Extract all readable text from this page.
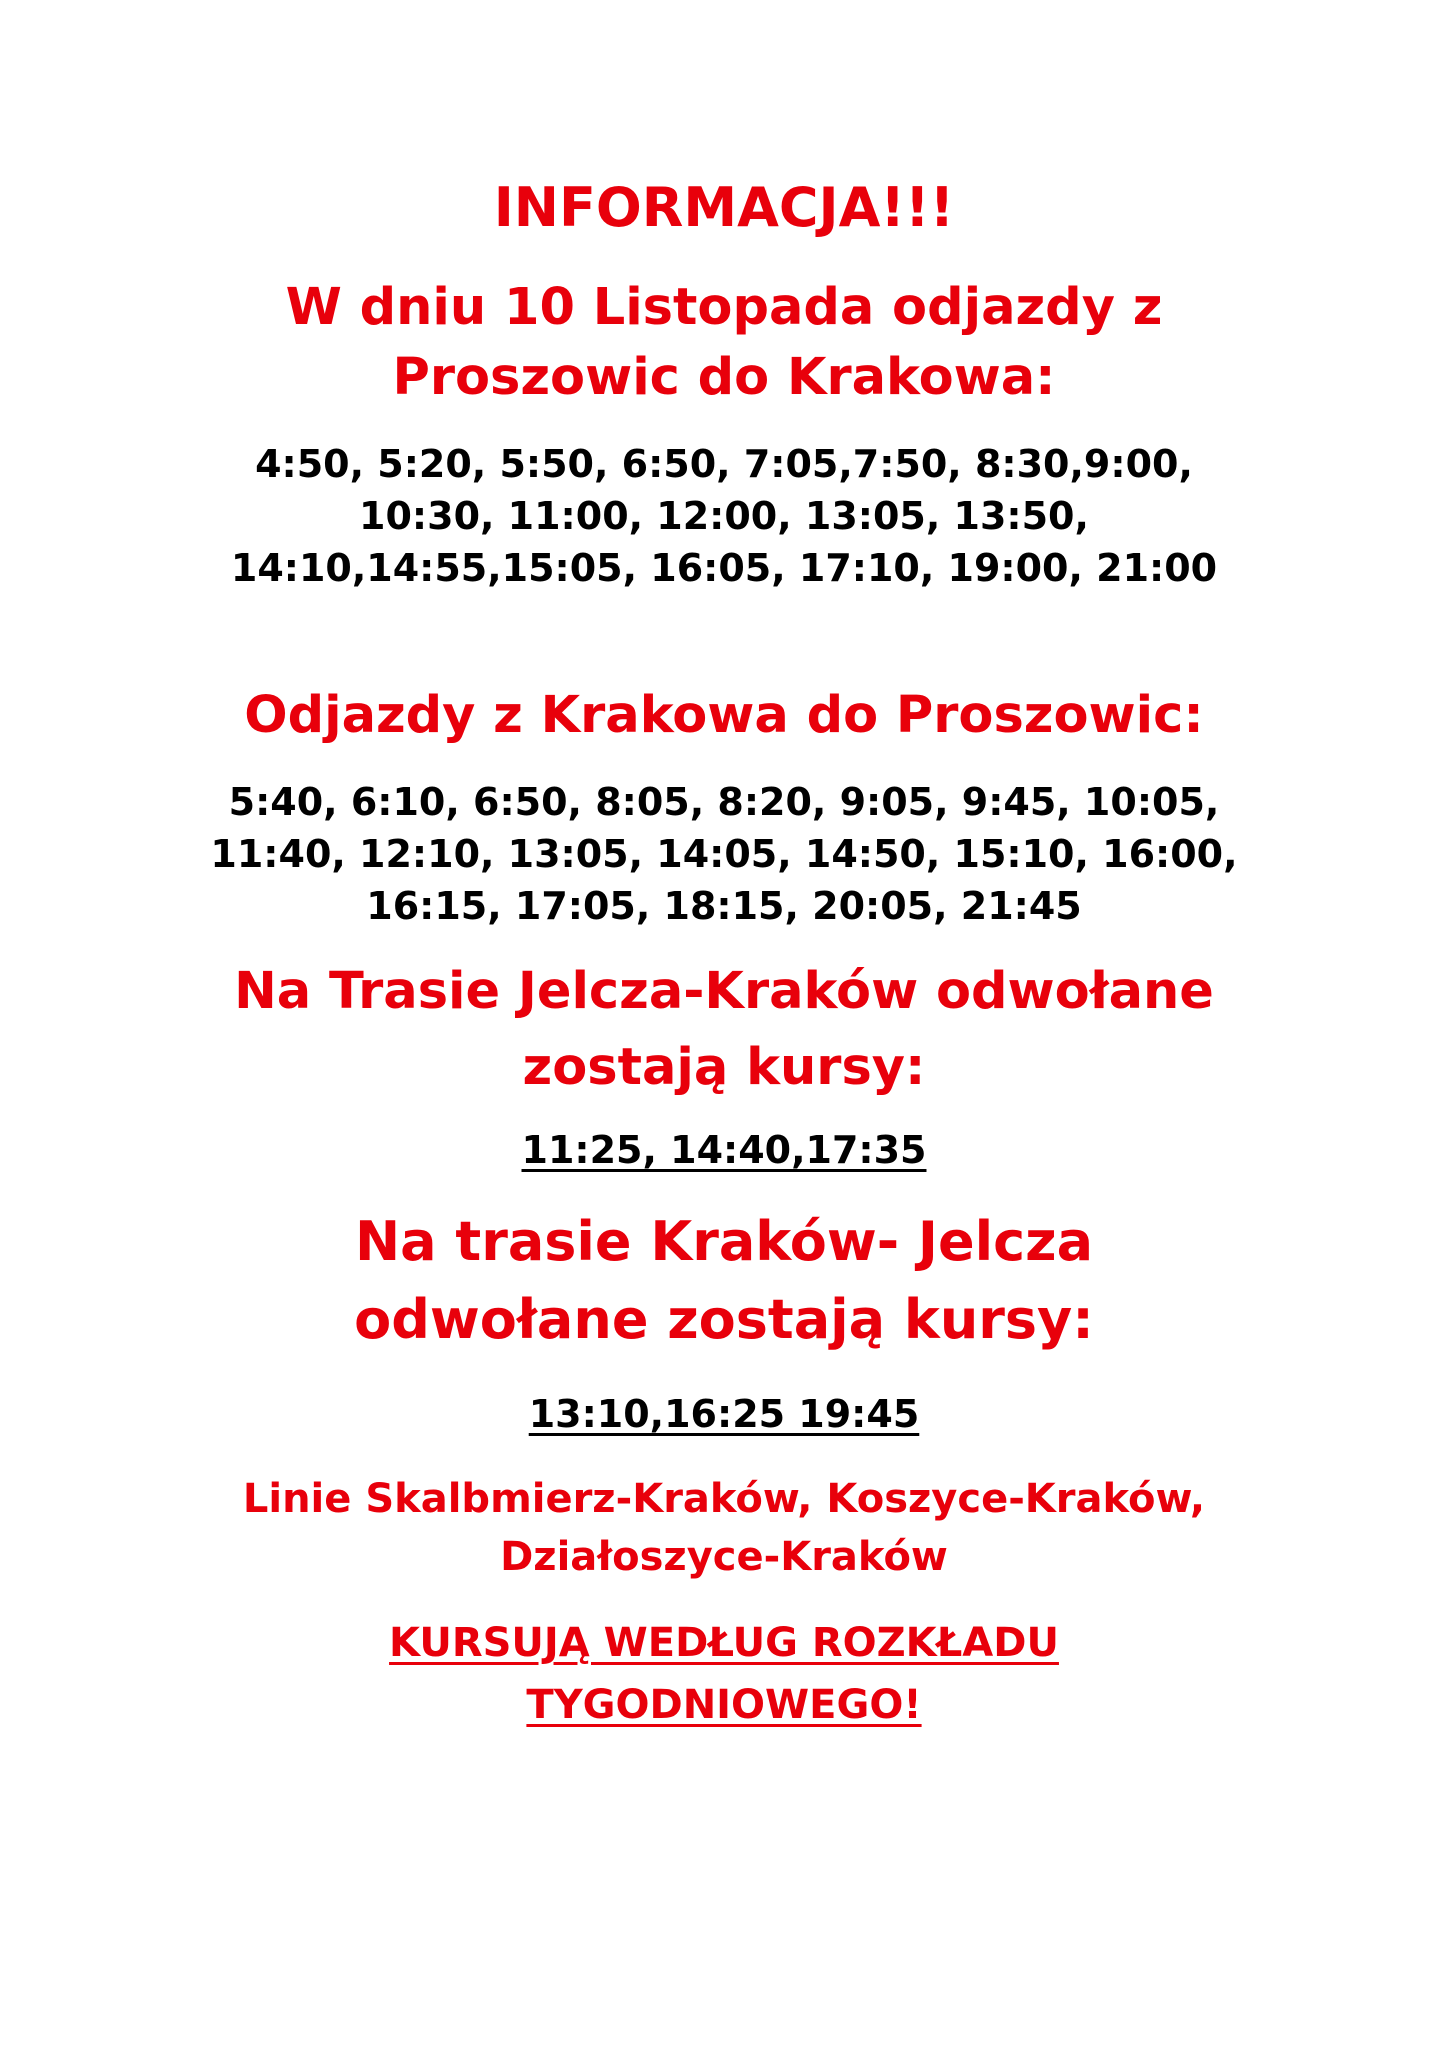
INFORMACJA!!!

W dniu 10 Listopada odjazdy z

Proszowic do Krakowa:

4:50, 5:20, 5:50, 6:50, 7:05,7:50, 8:30,9:00,

10:30, 11:00, 12:00, 13:05, 13:50,

14:10,14:55,15:05, 16:05, 17:10, 19:00, 21:00

Odjazdy z Krakowa do Proszowic:

5:40, 6:10, 6:50, 8:05, 8:20, 9:05, 9:45, 10:05,

11:40, 12:10, 13:05, 14:05, 14:50, 15:10, 16:00,

16:15, 17:05, 18:15, 20:05, 21:45

Na Trasie Jelcza-Kraków odwołane

zostają kursy:

11:25, 14:40,17:35

Na trasie Kraków- Jelcza

odwołane zostają kursy:

13:10,16:25 19:45

Linie Skalbmierz-Kraków, Koszyce-Kraków,

Działoszyce-Kraków

KURSUJĄ WEDŁUG ROZKŁADU

TYGODNIOWEGO!
